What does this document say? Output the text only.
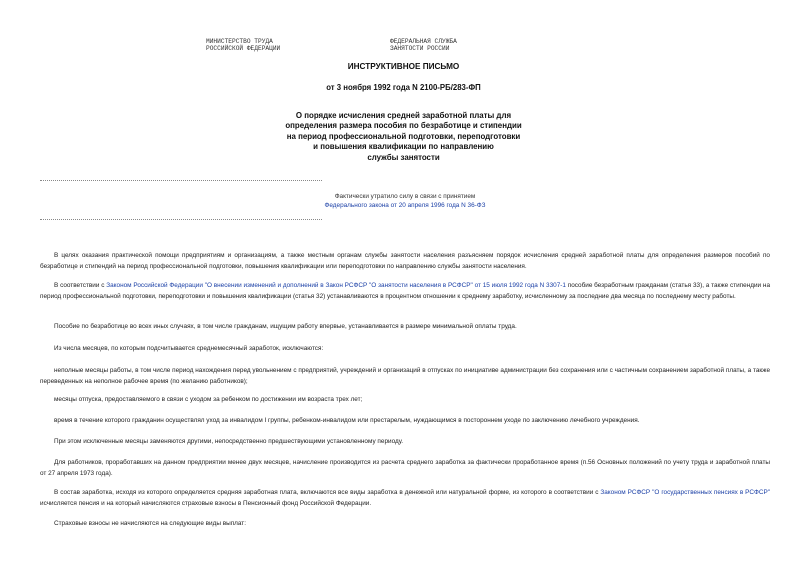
МИНИСТЕРСТВО ТРУДА
РОССИЙСКОЙ ФЕДЕРАЦИИ
ФЕДЕРАЛЬНАЯ СЛУЖБА
ЗАНЯТОСТИ РОССИИ
ИНСТРУКТИВНОЕ ПИСЬМО
от 3 ноября 1992 года N 2100-РБ/283-ФП
О порядке исчисления средней заработной платы для
определения размера пособия по безработице и стипендии
на период профессиональной подготовки, переподготовки
и повышения квалификации по направлению
службы занятости
Фактически утратило силу в связи с принятием
Федерального закона от 20 апреля 1996 года N 36-ФЗ
В целях оказания практической помощи предприятиям и организациям, а также местным органам службы занятости населения разъясняем порядок исчисления средней заработной платы для определения размеров пособий по безработице и стипендий на период профессиональной подготовки, повышения квалификации или переподготовки по направлению службы занятости населения.
В соответствии с Законом Российской Федерации "О внесении изменений и дополнений в Закон РСФСР "О занятости населения в РСФСР" от 15 июля 1992 года N 3307-1 пособие безработным гражданам (статья 33), а также стипендии на период профессиональной подготовки, переподготовки и повышения квалификации (статья 32) устанавливаются в процентном отношении к среднему заработку, исчисленному за последние два месяца по последнему месту работы.
Пособие по безработице во всех иных случаях, в том числе гражданам, ищущим работу впервые, устанавливается в размере минимальной оплаты труда.
Из числа месяцев, по которым подсчитывается среднемесячный заработок, исключаются:
неполные месяцы работы, в том числе период нахождения перед увольнением с предприятий, учреждений и организаций в отпусках по инициативе администрации без сохранения или с частичным сохранением заработной платы, а также переведенных на неполное рабочее время (по желанию работников);
месяцы отпуска, предоставляемого в связи с уходом за ребенком по достижении им возраста трех лет;
время в течение которого гражданин осуществлял уход за инвалидом I группы, ребенком-инвалидом или престарелым, нуждающимся в постороннем уходе по заключению лечебного учреждения.
При этом исключенные месяцы заменяются другими, непосредственно предшествующими установленному периоду.
Для работников, проработавших на данном предприятии менее двух месяцев, начисление производится из расчета среднего заработка за фактически проработанное время (п.56 Основных положений по учету труда и заработной платы от 27 апреля 1973 года).
В состав заработка, исходя из которого определяется средняя заработная плата, включаются все виды заработка в денежной или натуральной форме, из которого в соответствии с Законом РСФСР "О государственных пенсиях в РСФСР" исчисляется пенсия и на который начисляются страховые взносы в Пенсионный фонд Российской Федерации.
Страховые взносы не начисляются на следующие виды выплат:
